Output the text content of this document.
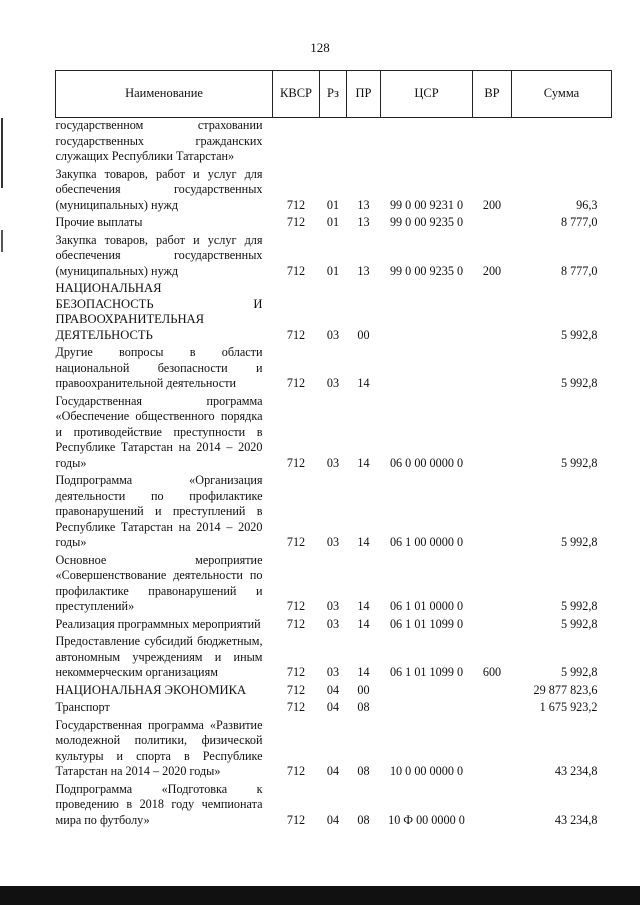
128
Наименование	КВСР	Рз	ПР	ЦСР	ВР	Сумма
государственном страховании государственных гражданских служащих Республики Татарстан»						
Закупка товаров, работ и услуг для обеспечения государственных (муниципальных) нужд	712	01	13	99 0 00 9231 0	200	96,3
Прочие выплаты	712	01	13	99 0 00 9235 0		8 777,0
Закупка товаров, работ и услуг для обеспечения государственных (муниципальных) нужд	712	01	13	99 0 00 9235 0	200	8 777,0
НАЦИОНАЛЬНАЯ БЕЗОПАСНОСТЬ И ПРАВООХРАНИТЕЛЬНАЯ ДЕЯТЕЛЬНОСТЬ	712	03	00			5 992,8
Другие вопросы в области национальной безопасности и правоохранительной деятельности	712	03	14			5 992,8
Государственная программа «Обеспечение общественного порядка и противодействие преступности в Республике Татарстан на 2014 – 2020 годы»	712	03	14	06 0 00 0000 0		5 992,8
Подпрограмма «Организация деятельности по профилактике правонарушений и преступлений в Республике Татарстан на 2014 – 2020 годы»	712	03	14	06 1 00 0000 0		5 992,8
Основное мероприятие «Совершенствование деятельности по профилактике правонарушений и преступлений»	712	03	14	06 1 01 0000 0		5 992,8
Реализация программных мероприятий	712	03	14	06 1 01 1099 0		5 992,8
Предоставление субсидий бюджетным, автономным учреждениям и иным некоммерческим организациям	712	03	14	06 1 01 1099 0	600	5 992,8
НАЦИОНАЛЬНАЯ ЭКОНОМИКА	712	04	00			29 877 823,6
Транспорт	712	04	08			1 675 923,2
Государственная программа «Развитие молодежной политики, физической культуры и спорта в Республике Татарстан на 2014 – 2020 годы»	712	04	08	10 0 00 0000 0		43 234,8
Подпрограмма «Подготовка к проведению в 2018 году чемпионата мира по футболу»	712	04	08	10 Ф 00 0000 0		43 234,8
